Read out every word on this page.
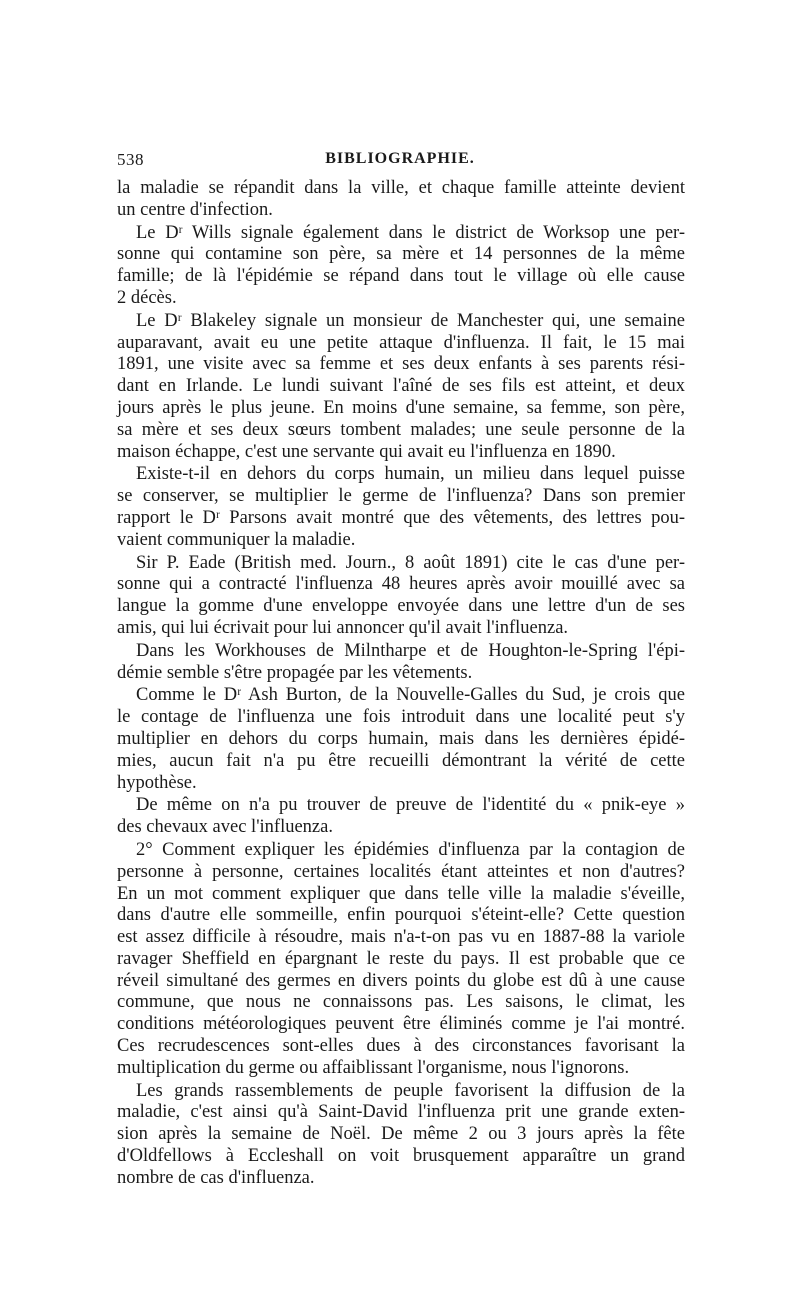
538	BIBLIOGRAPHIE.

la maladie se répandit dans la ville, et chaque famille atteinte devient
un centre d'infection.

Le Dʳ Wills signale également dans le district de Worksop une per-
sonne qui contamine son père, sa mère et 14 personnes de la même
famille; de là l'épidémie se répand dans tout le village où elle cause
2 décès.

Le Dʳ Blakeley signale un monsieur de Manchester qui, une semaine
auparavant, avait eu une petite attaque d'influenza. Il fait, le 15 mai
1891, une visite avec sa femme et ses deux enfants à ses parents rési-
dant en Irlande. Le lundi suivant l'aîné de ses fils est atteint, et deux
jours après le plus jeune. En moins d'une semaine, sa femme, son père,
sa mère et ses deux sœurs tombent malades; une seule personne de la
maison échappe, c'est une servante qui avait eu l'influenza en 1890.

Existe-t-il en dehors du corps humain, un milieu dans lequel puisse
se conserver, se multiplier le germe de l'influenza? Dans son premier
rapport le Dʳ Parsons avait montré que des vêtements, des lettres pou-
vaient communiquer la maladie.

Sir P. Eade (British med. Journ., 8 août 1891) cite le cas d'une per-
sonne qui a contracté l'influenza 48 heures après avoir mouillé avec sa
langue la gomme d'une enveloppe envoyée dans une lettre d'un de ses
amis, qui lui écrivait pour lui annoncer qu'il avait l'influenza.

Dans les Workhouses de Milntharpe et de Houghton-le-Spring l'épi-
démie semble s'être propagée par les vêtements.

Comme le Dʳ Ash Burton, de la Nouvelle-Galles du Sud, je crois que
le contage de l'influenza une fois introduit dans une localité peut s'y
multiplier en dehors du corps humain, mais dans les dernières épidé-
mies, aucun fait n'a pu être recueilli démontrant la vérité de cette
hypothèse.

De même on n'a pu trouver de preuve de l'identité du « pnik-eye »
des chevaux avec l'influenza.

2° Comment expliquer les épidémies d'influenza par la contagion de
personne à personne, certaines localités étant atteintes et non d'autres?
En un mot comment expliquer que dans telle ville la maladie s'éveille,
dans d'autre elle sommeille, enfin pourquoi s'éteint-elle? Cette question
est assez difficile à résoudre, mais n'a-t-on pas vu en 1887-88 la variole
ravager Sheffield en épargnant le reste du pays. Il est probable que ce
réveil simultané des germes en divers points du globe est dû à une cause
commune, que nous ne connaissons pas. Les saisons, le climat, les
conditions météorologiques peuvent être éliminés comme je l'ai montré.
Ces recrudescences sont-elles dues à des circonstances favorisant la
multiplication du germe ou affaiblissant l'organisme, nous l'ignorons.

Les grands rassemblements de peuple favorisent la diffusion de la
maladie, c'est ainsi qu'à Saint-David l'influenza prit une grande exten-
sion après la semaine de Noël. De même 2 ou 3 jours après la fête
d'Oldfellows à Eccleshall on voit brusquement apparaître un grand
nombre de cas d'influenza.
